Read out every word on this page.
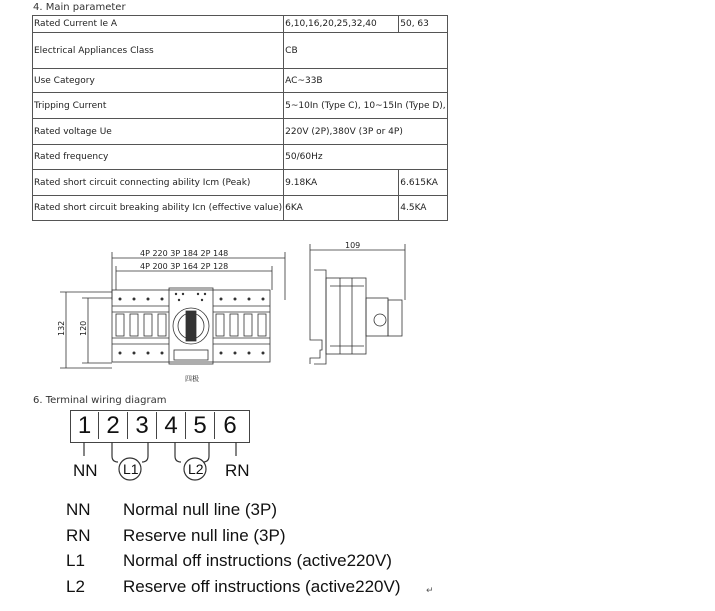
4. Main parameter
Rated Current Ie A	6,10,16,20,25,32,40	50, 63
Electrical Appliances Class	CB	
Use Category	AC~33B	
Tripping Current	5~10In (Type C), 10~15In (Type D),	
Rated voltage Ue	220V (2P),380V (3P or 4P)	
Rated frequency	50/60Hz	
Rated short circuit connecting ability Icm (Peak)	9.18KA	6.615KA
Rated short circuit breaking ability Icn (effective value)	6KA	4.5KA
4P 220 3P 184 2P 148
4P 200 3P 164 2P 128
132 120
四极
109
6. Terminal wiring diagram
1 2 3 4 5 6
NN L1	L2 RN
NN Normal null line (3P)
RN Reserve null line (3P)
L1 Normal off instructions (active220V)
L2 Reserve off instructions (active220V)	↵
